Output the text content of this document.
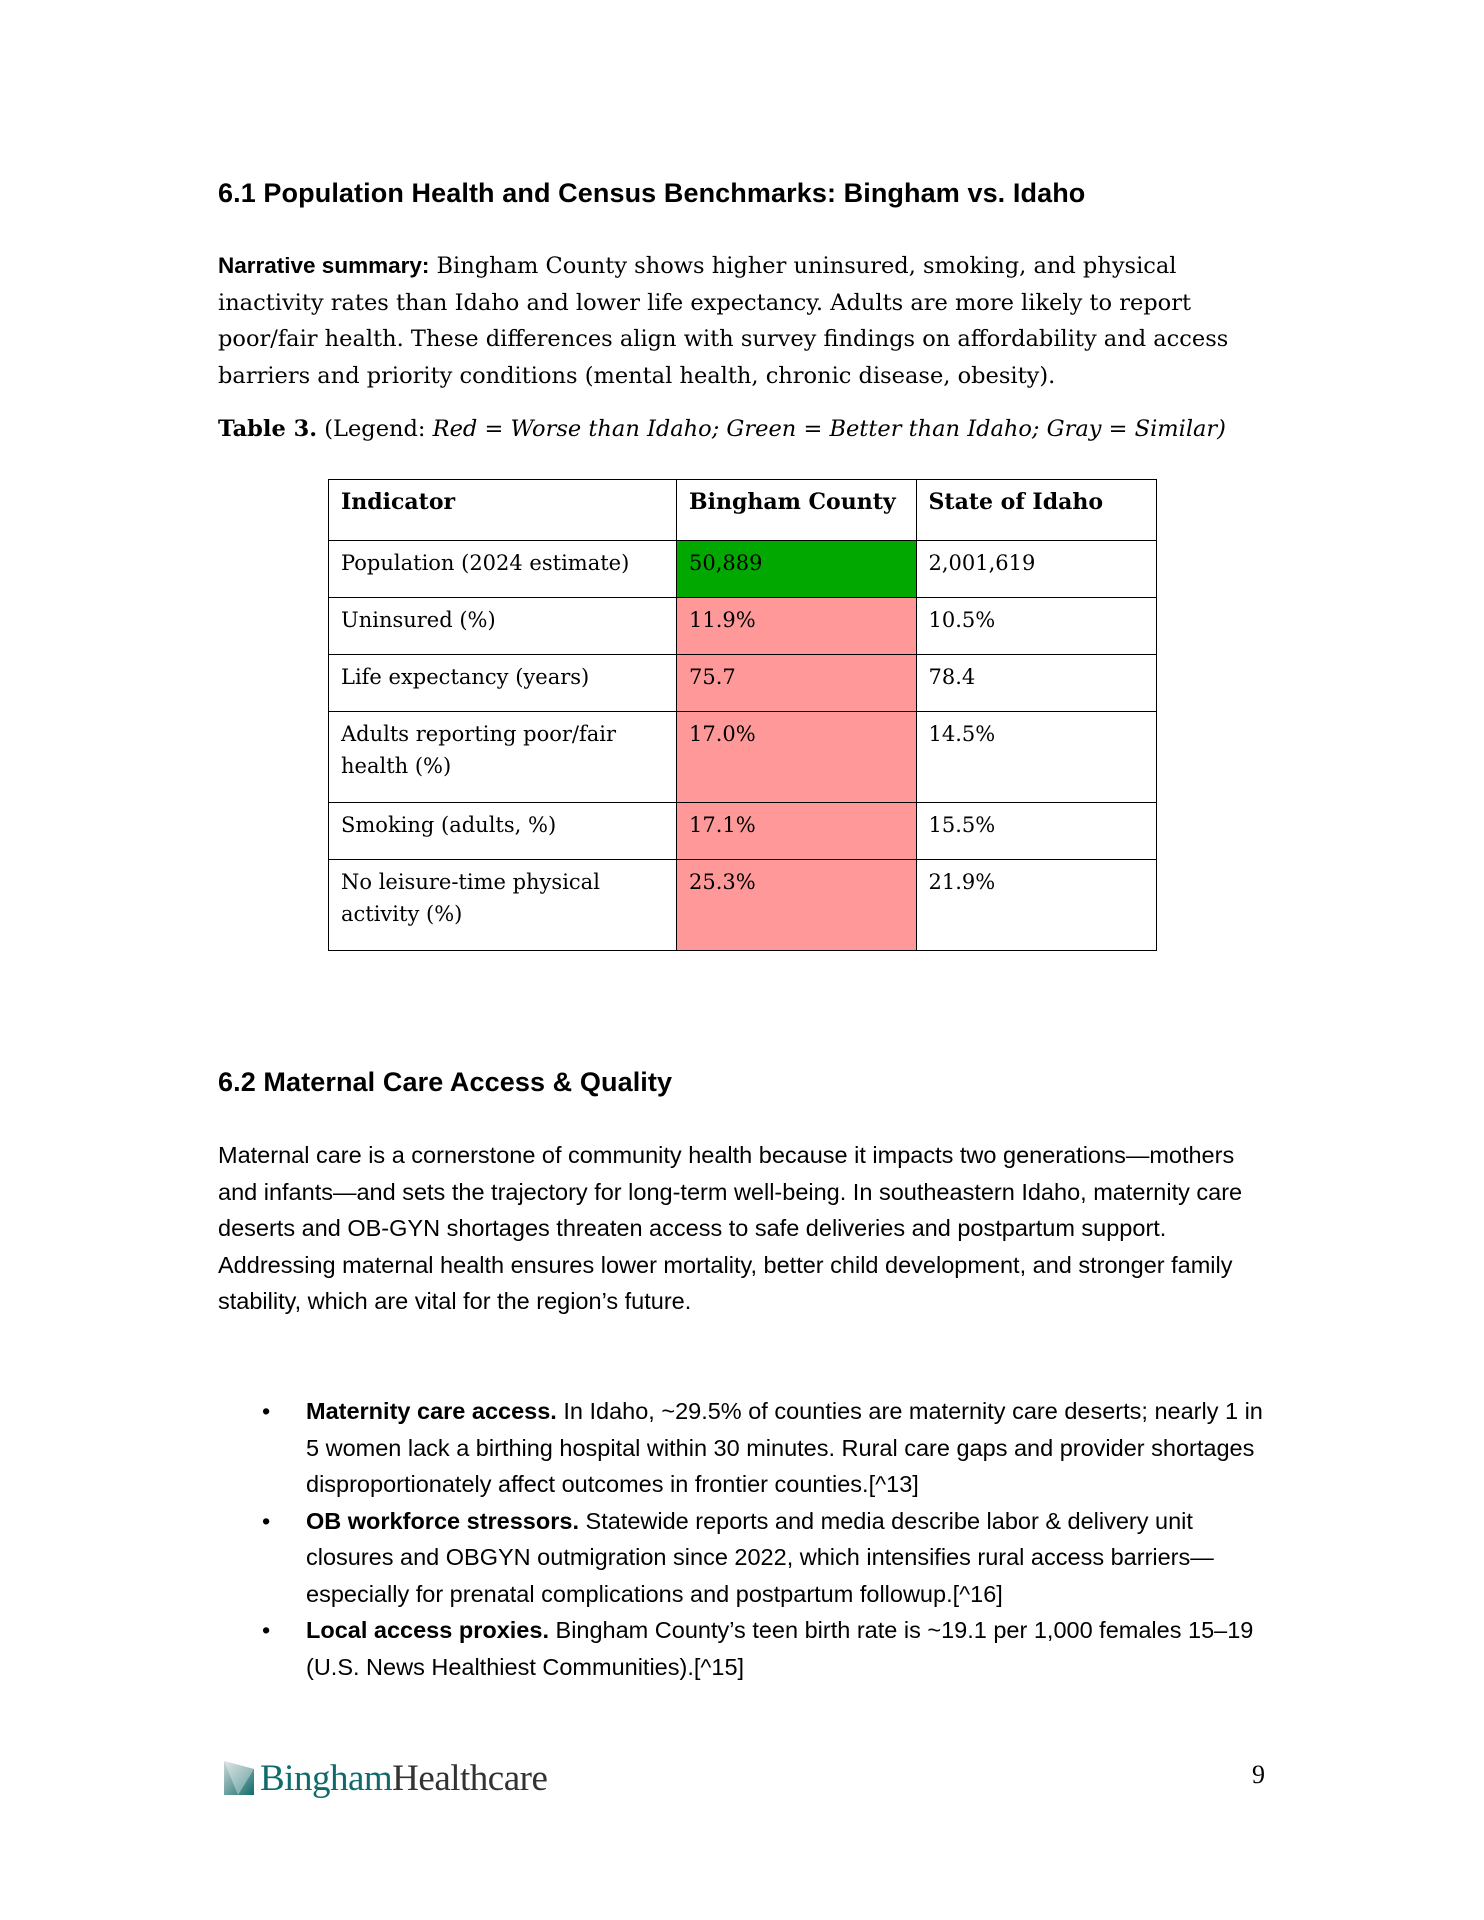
6.1 Population Health and Census Benchmarks: Bingham vs. Idaho

Narrative summary: Bingham County shows higher uninsured, smoking, and physical inactivity rates than Idaho and lower life expectancy. Adults are more likely to report poor/fair health. These differences align with survey findings on affordability and access barriers and priority conditions (mental health, chronic disease, obesity).

Table 3. (Legend: Red = Worse than Idaho; Green = Better than Idaho; Gray = Similar)

Indicator	Bingham County	State of Idaho
Population (2024 estimate)	50,889	2,001,619
Uninsured (%)	11.9%	10.5%
Life expectancy (years)	75.7	78.4
Adults reporting poor/fair health (%)	17.0%	14.5%
Smoking (adults, %)	17.1%	15.5%
No leisure-time physical activity (%)	25.3%	21.9%
6.2 Maternal Care Access & Quality

Maternal care is a cornerstone of community health because it impacts two generations—mothers and infants—and sets the trajectory for long-term well-being. In southeastern Idaho, maternity care deserts and OB-GYN shortages threaten access to safe deliveries and postpartum support. Addressing maternal health ensures lower mortality, better child development, and stronger family stability, which are vital for the region’s future.

• Maternity care access. In Idaho, ~29.5% of counties are maternity care deserts; nearly 1 in 5 women lack a birthing hospital within 30 minutes. Rural care gaps and provider shortages disproportionately affect outcomes in frontier counties.[^13]
• OB workforce stressors. Statewide reports and media describe labor & delivery unit closures and OBGYN outmigration since 2022, which intensifies rural access barriers—especially for prenatal complications and postpartum followup.[^16]
• Local access proxies. Bingham County’s teen birth rate is ~19.1 per 1,000 females 15–19 (U.S. News Healthiest Communities).[^15]
BinghamHealthcare	9
